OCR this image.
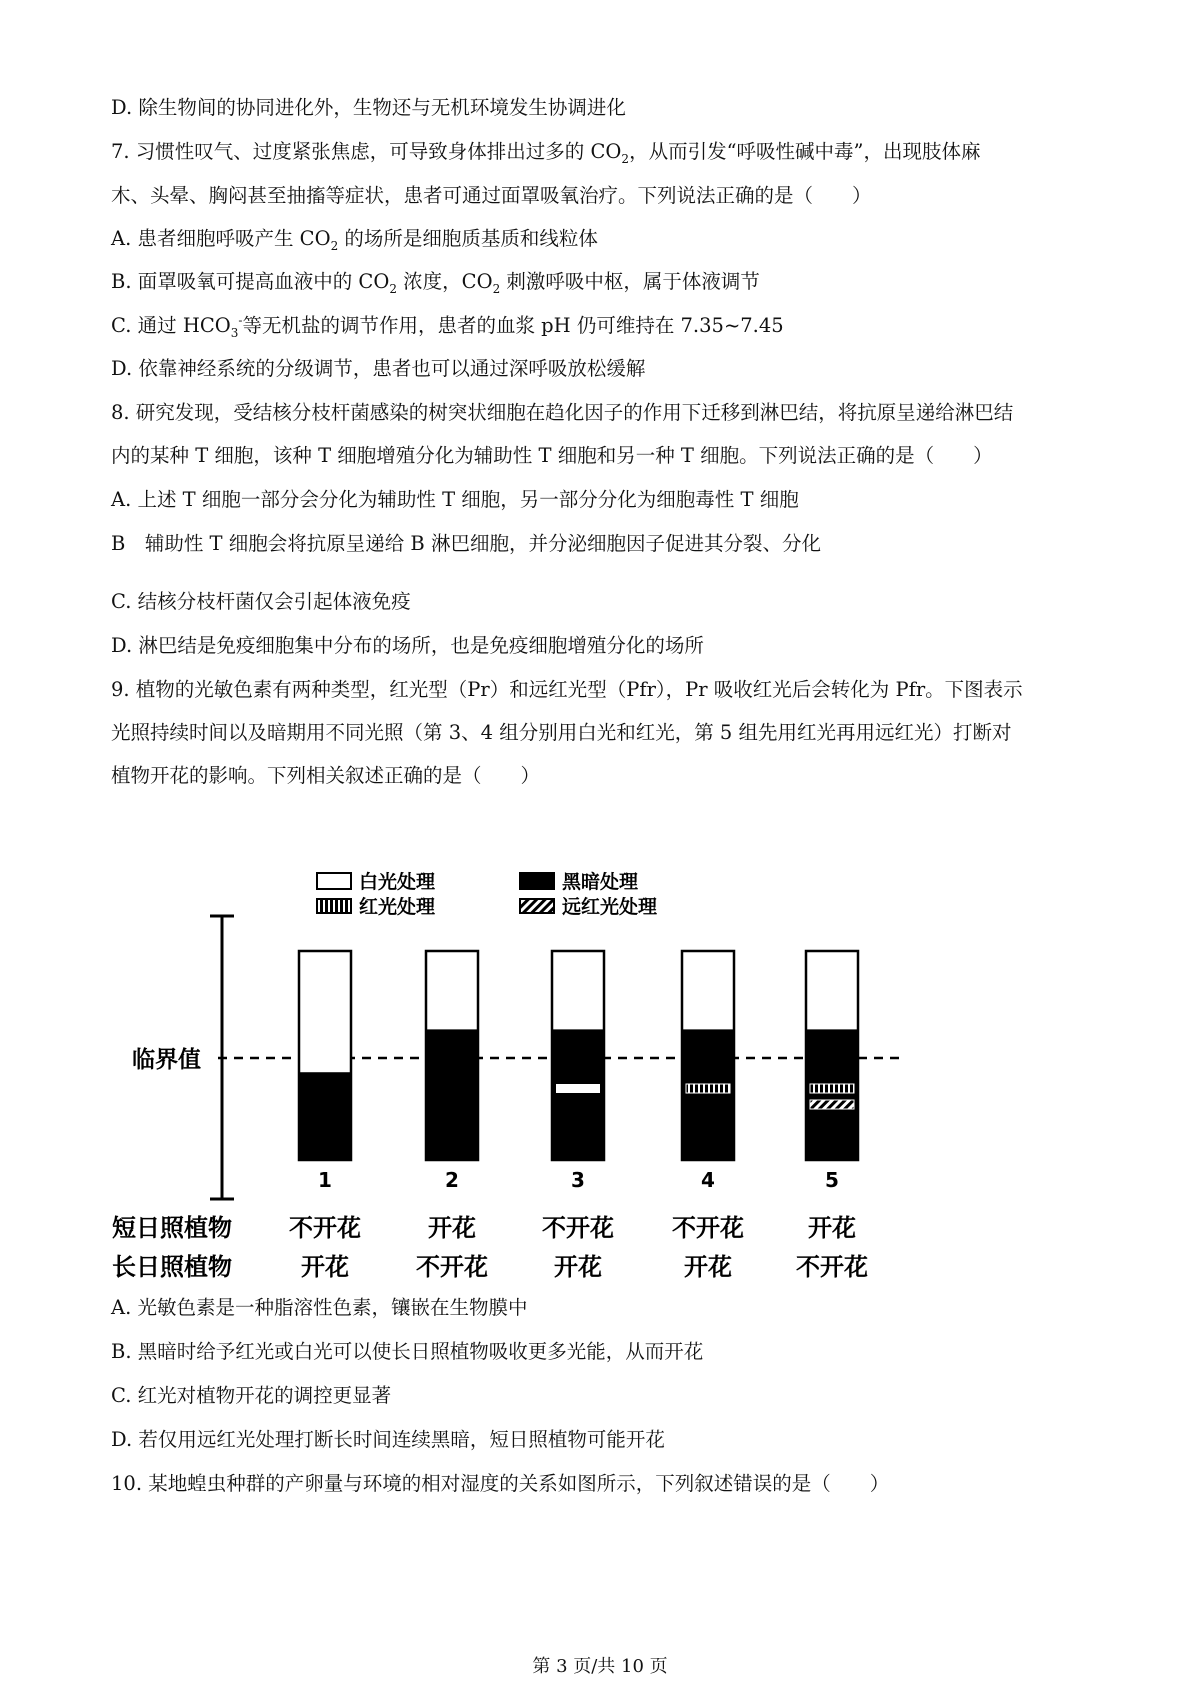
D. 除生物间的协同进化外，生物还与无机环境发生协调进化
7. 习惯性叹气、过度紧张焦虑，可导致身体排出过多的 $CO_2$，从而引发“呼吸性碱中毒”，出现肢体麻
木、头晕、胸闷甚至抽搐等症状，患者可通过面罩吸氧治疗。下列说法正确的是（　　）
A. 患者细胞呼吸产生 $CO_2$ 的场所是细胞质基质和线粒体
B. 面罩吸氧可提高血液中的 $CO_2$ 浓度，$CO_2$ 刺激呼吸中枢，属于体液调节
C. 通过 $HCO_3^-$等无机盐的调节作用，患者的血浆 pH 仍可维持在 7.35~7.45
D. 依靠神经系统的分级调节，患者也可以通过深呼吸放松缓解
8. 研究发现，受结核分枝杆菌感染的树突状细胞在趋化因子的作用下迁移到淋巴结，将抗原呈递给淋巴结
内的某种 T 细胞，该种 T 细胞增殖分化为辅助性 T 细胞和另一种 T 细胞。下列说法正确的是（　　）
A. 上述 T 细胞一部分会分化为辅助性 T 细胞，另一部分分化为细胞毒性 T 细胞
B　辅助性 T 细胞会将抗原呈递给 B 淋巴细胞，并分泌细胞因子促进其分裂、分化
C. 结核分枝杆菌仅会引起体液免疫
D. 淋巴结是免疫细胞集中分布的场所，也是免疫细胞增殖分化的场所
9. 植物的光敏色素有两种类型，红光型（Pr）和远红光型（Pfr），Pr 吸收红光后会转化为 Pfr。下图表示
光照持续时间以及暗期用不同光照（第 3、4 组分别用白光和红光，第 5 组先用红光再用远红光）打断对
植物开花的影响。下列相关叙述正确的是（　　）
白光处理	黑暗处理
红光处理	远红光处理
临界值
1
不开花
开花
2
开花
不开花
3
不开花
开花
4
不开花
开花
5
开花
不开花
短日照植物
长日照植物
A. 光敏色素是一种脂溶性色素，镶嵌在生物膜中
B. 黑暗时给予红光或白光可以使长日照植物吸收更多光能，从而开花
C. 红光对植物开花的调控更显著
D. 若仅用远红光处理打断长时间连续黑暗，短日照植物可能开花
10. 某地蝗虫种群的产卵量与环境的相对湿度的关系如图所示，下列叙述错误的是（　　）
第 3 页/共 10 页
